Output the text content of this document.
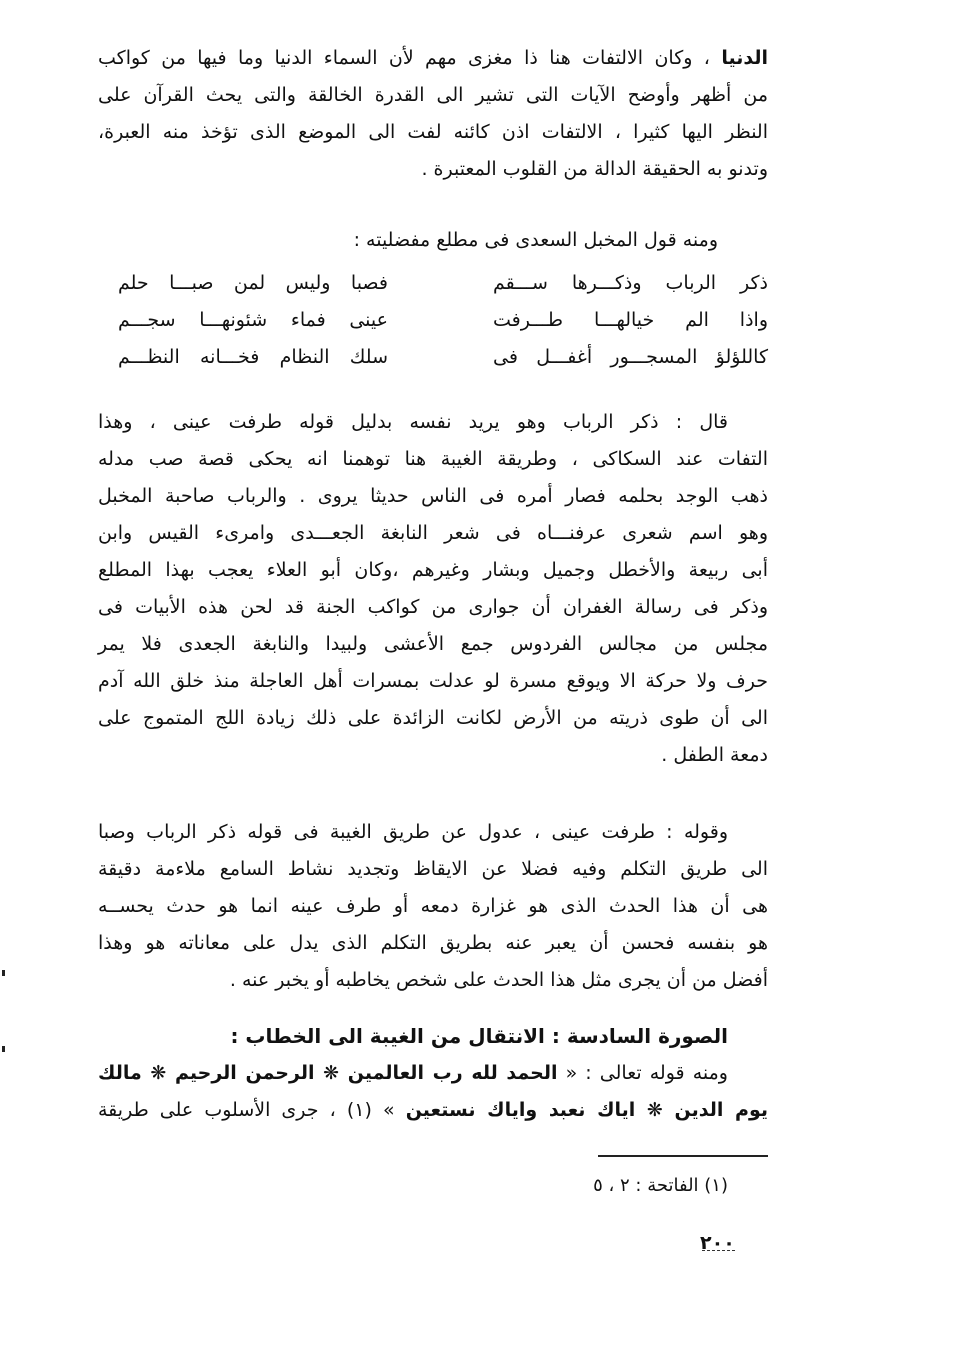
الدنيا ، وكان الالتفات هنا ذا مغزى مهم لأن السماء الدنيا وما فيها من كواكب
من أظهر وأوضح الآيات التى تشير الى القدرة الخالقة والتى يحث القرآن على
النظر اليها كثيرا ، الالتفات اذن كائنه لفت الى الموضع الذى تؤخذ منه العبرة،
وتدنو به الحقيقة الدالة من القلوب المعتبرة .

ومنه قول المخبل السعدى فى مطلع مفضليته :

ذكر الرباب وذكـــرها ســـقم
فصبا وليس لمن صبـــا حلم
واذا الم خيالهـــا طـــرفت
عينى فماء شئونهـــا سجـــم
كاللؤلؤ المسجـــور أغفـــل فى
سلك النظام فخـــانه النظـــم
قال : ذكر الرباب وهو يريد نفسه بدليل قوله طرفت عينى ، وهذا
التفات عند السكاكى ، وطريقة الغيبة هنا توهمنا انه يحكى قصة صب مدله
ذهب الوجد بحلمه فصار أمره فى الناس حديثا يروى . والرباب صاحبة المخبل
وهو اسم شعرى عرفنـــاه فى شعر النابغة الجعـــدى وامرىء القيس وابن
أبى ربيعة والأخطل وجميل وبشار وغيرهم ،وكان أبو العلاء يعجب بهذا المطلع
وذكر فى رسالة الغفران أن جوارى من كواكب الجنة قد لحن هذه الأبيات فى
مجلس من مجالس الفردوس جمع الأعشى ولبيدا والنابغة الجعدى فلا يمر
حرف ولا حركة الا ويوقع مسرة لو عدلت بمسرات أهل العاجلة منذ خلق الله آدم
الى أن طوى ذريته من الأرض لكانت الزائدة على ذلك زيادة اللج المتموج على
دمعة الطفل .
وقوله : طرفت عينى ، عدول عن طريق الغيبة فى قوله ذكر الرباب وصبا
الى طريق التكلم وفيه فضلا عن الايقاظ وتجديد نشاط السامع ملاءمة دقيقة
هى أن هذا الحدث الذى هو غزارة دمعه أو طرف عينه انما هو حدث يحســه
هو بنفسه فحسن أن يعبر عنه بطريق التكلم الذى يدل على معاناته هو وهذا
أفضل من أن يجرى مثل هذا الحدث على شخص يخاطبه أو يخبر عنه .

الصورة السادسة : الانتقال من الغيبة الى الخطاب :

ومنه قوله تعالى : « الحمد لله رب العالمين ❋ الرحمن الرحيم ❋ مالك
يوم الدين ❋ اياك نعبد واياك نستعين » (١) ، جرى الأسلوب على طريقة
(١) الفاتحة : ٢ ، ٥
٢٠٠
